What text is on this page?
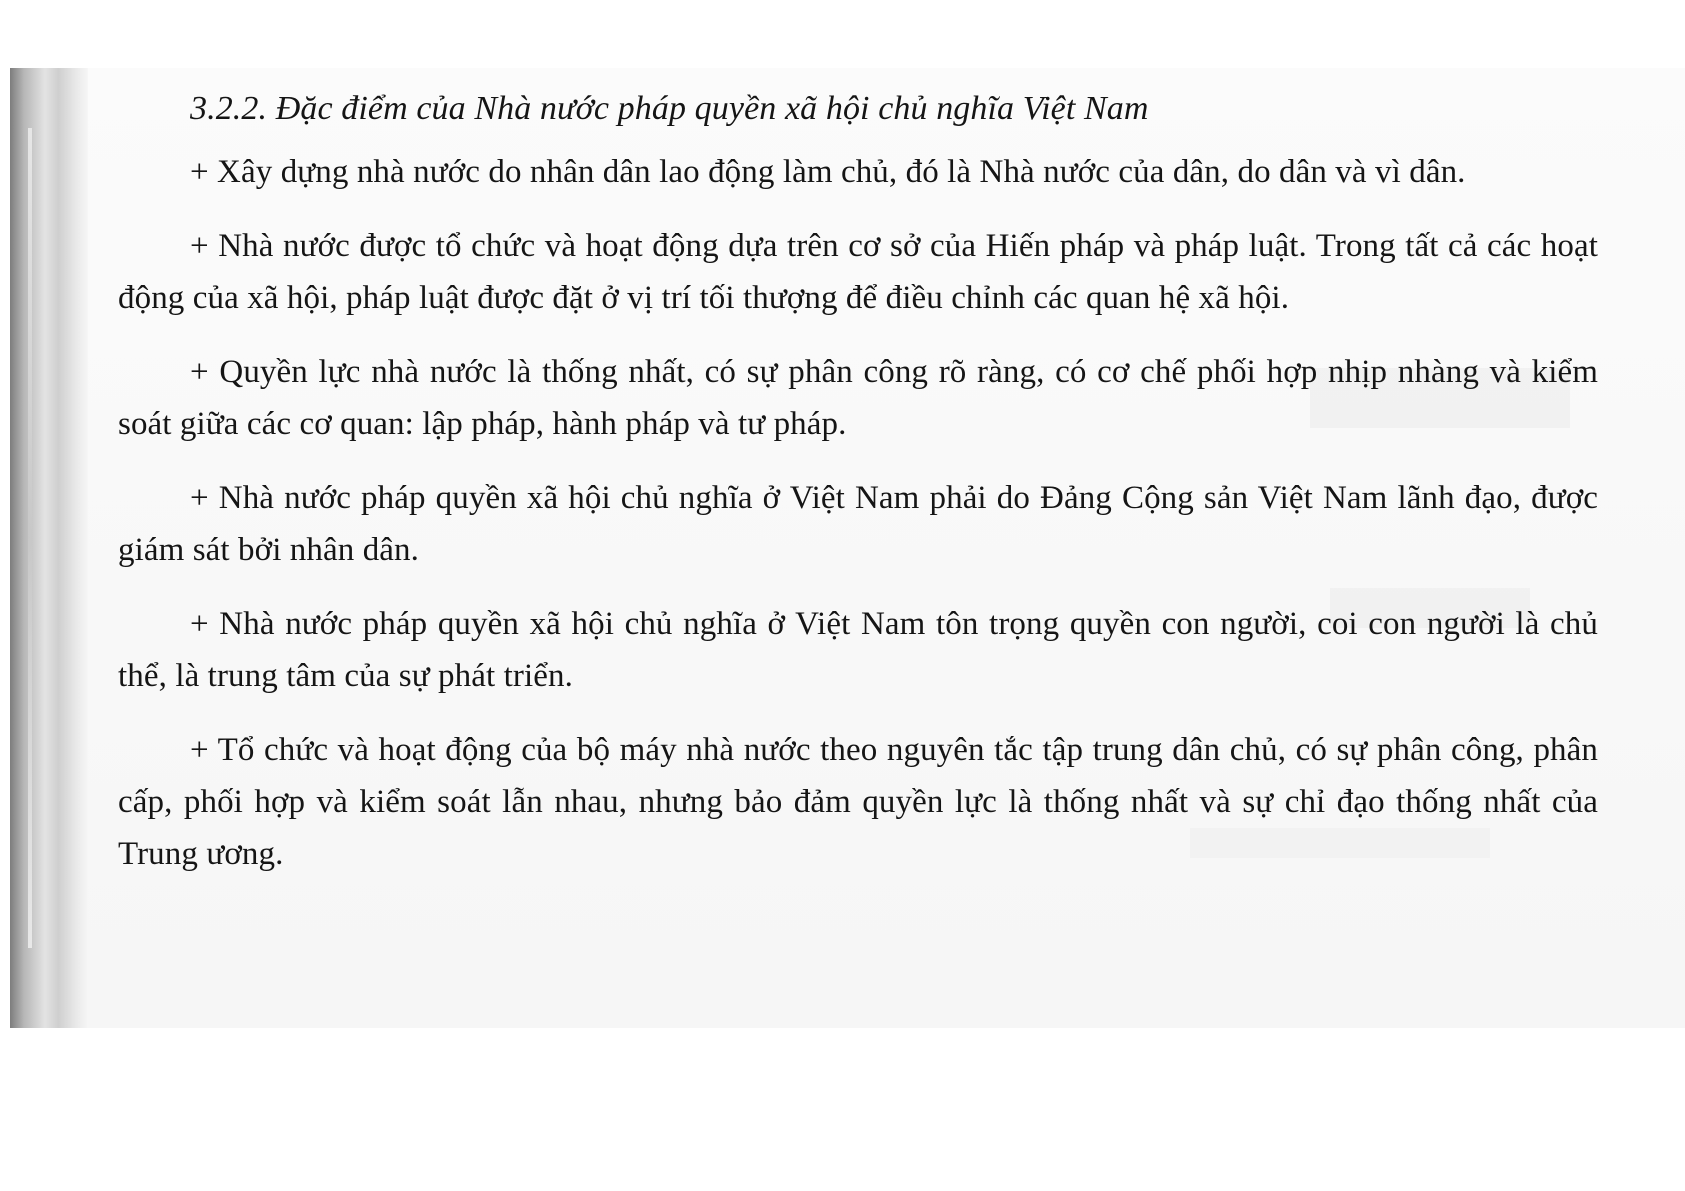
3.2.2. Đặc điểm của Nhà nước pháp quyền xã hội chủ nghĩa Việt Nam

+ Xây dựng nhà nước do nhân dân lao động làm chủ, đó là Nhà nước của dân, do dân và vì dân.

+ Nhà nước được tổ chức và hoạt động dựa trên cơ sở của Hiến pháp và pháp luật. Trong tất cả các hoạt động của xã hội, pháp luật được đặt ở vị trí tối thượng để điều chỉnh các quan hệ xã hội.

+ Quyền lực nhà nước là thống nhất, có sự phân công rõ ràng, có cơ chế phối hợp nhịp nhàng và kiểm soát giữa các cơ quan: lập pháp, hành pháp và tư pháp.

+ Nhà nước pháp quyền xã hội chủ nghĩa ở Việt Nam phải do Đảng Cộng sản Việt Nam lãnh đạo, được giám sát bởi nhân dân.

+ Nhà nước pháp quyền xã hội chủ nghĩa ở Việt Nam tôn trọng quyền con người, coi con người là chủ thể, là trung tâm của sự phát triển.

+ Tổ chức và hoạt động của bộ máy nhà nước theo nguyên tắc tập trung dân chủ, có sự phân công, phân cấp, phối hợp và kiểm soát lẫn nhau, nhưng bảo đảm quyền lực là thống nhất và sự chỉ đạo thống nhất của Trung ương.
